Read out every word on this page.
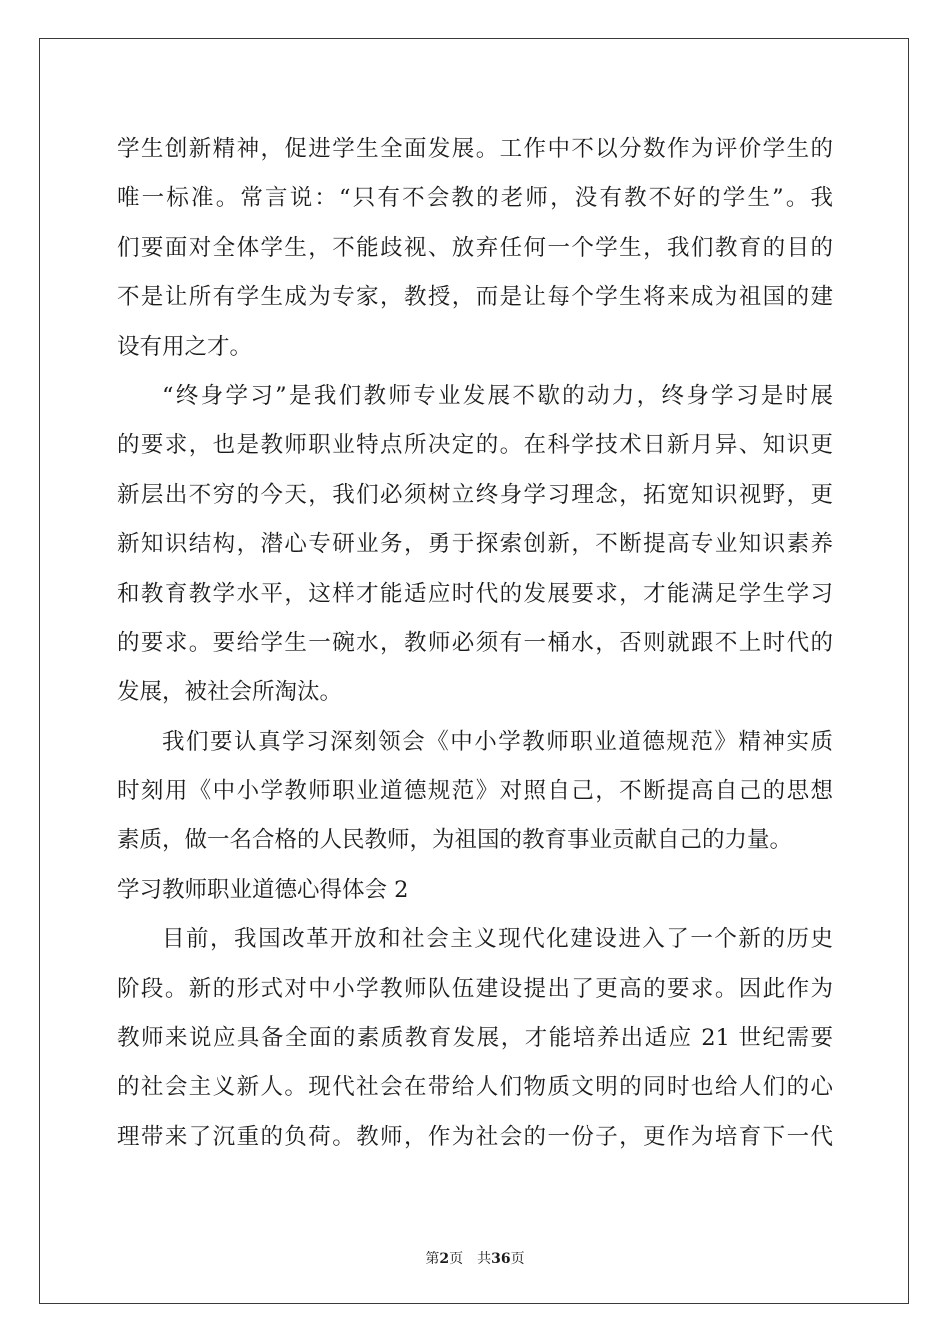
学生创新精神，促进学生全面发展。工作中不以分数作为评价学生的
唯一标准。常言说：“只有不会教的老师，没有教不好的学生”。我
们要面对全体学生，不能歧视、放弃任何一个学生，我们教育的目的
不是让所有学生成为专家，教授，而是让每个学生将来成为祖国的建
设有用之才。
“终身学习”是我们教师专业发展不歇的动力，终身学习是时展
的要求，也是教师职业特点所决定的。在科学技术日新月异、知识更
新层出不穷的今天，我们必须树立终身学习理念，拓宽知识视野，更
新知识结构，潜心专研业务，勇于探索创新，不断提高专业知识素养
和教育教学水平，这样才能适应时代的发展要求，才能满足学生学习
的要求。要给学生一碗水，教师必须有一桶水，否则就跟不上时代的
发展，被社会所淘汰。
我们要认真学习深刻领会《中小学教师职业道德规范》精神实质
时刻用《中小学教师职业道德规范》对照自己，不断提高自己的思想
素质，做一名合格的人民教师，为祖国的教育事业贡献自己的力量。
学习教师职业道德心得体会 2
目前，我国改革开放和社会主义现代化建设进入了一个新的历史
阶段。新的形式对中小学教师队伍建设提出了更高的要求。因此作为
教师来说应具备全面的素质教育发展，才能培养出适应 21 世纪需要
的社会主义新人。现代社会在带给人们物质文明的同时也给人们的心
理带来了沉重的负荷。教师，作为社会的一份子，更作为培育下一代
第2页 共36页
